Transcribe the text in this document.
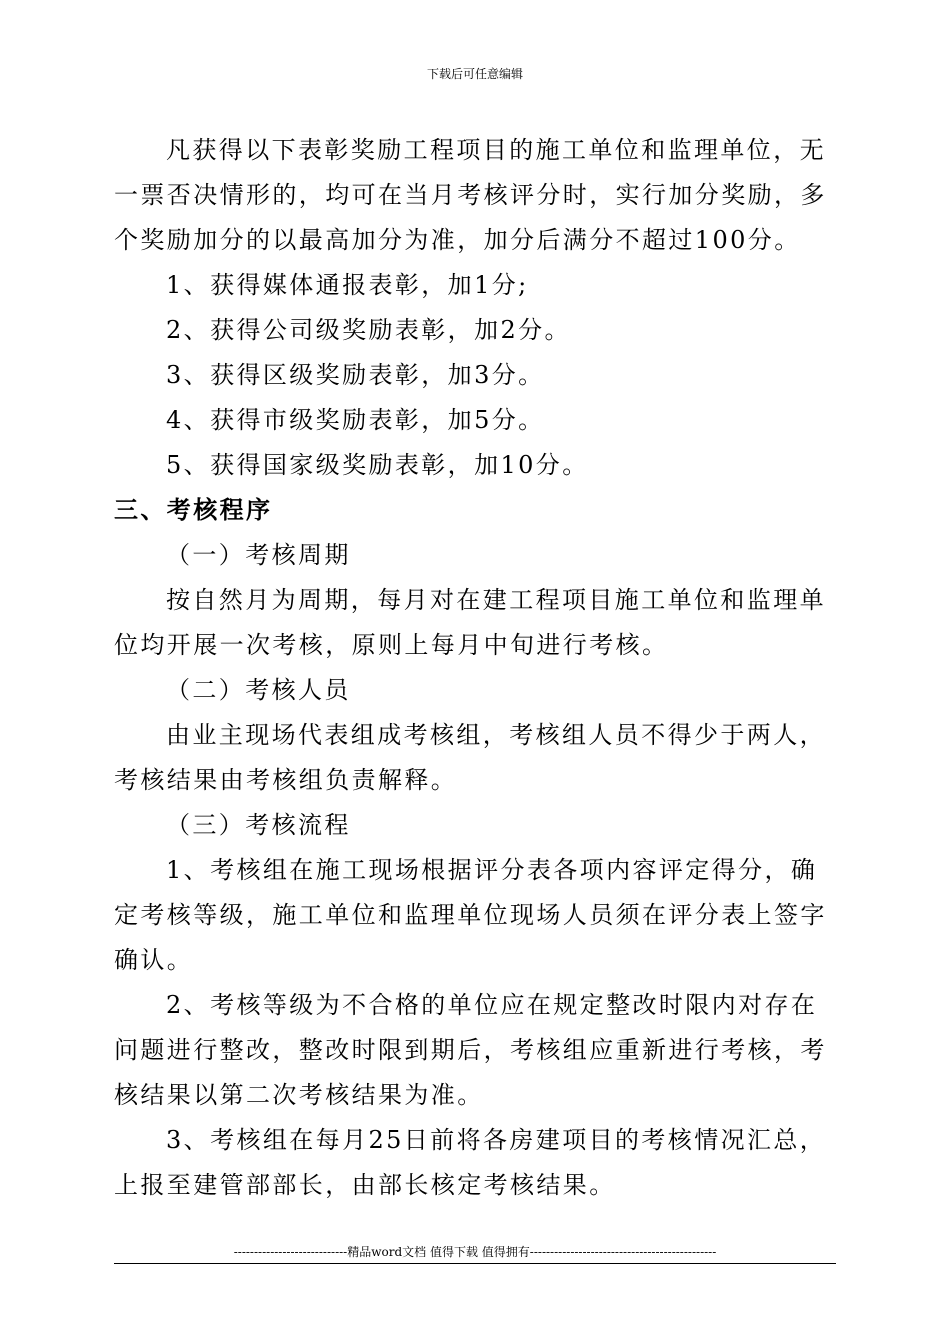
下载后可任意编辑

凡获得以下表彰奖励工程项目的施工单位和监理单位，无一票否决情形的，均可在当月考核评分时，实行加分奖励，多个奖励加分的以最高加分为准，加分后满分不超过100分。

1、获得媒体通报表彰，加1分;

2、获得公司级奖励表彰，加2分。

3、获得区级奖励表彰，加3分。

4、获得市级奖励表彰，加5分。

5、获得国家级奖励表彰，加10分。

三、考核程序

（一）考核周期

按自然月为周期，每月对在建工程项目施工单位和监理单位均开展一次考核，原则上每月中旬进行考核。

（二）考核人员

由业主现场代表组成考核组，考核组人员不得少于两人，考核结果由考核组负责解释。

（三）考核流程

1、考核组在施工现场根据评分表各项内容评定得分，确定考核等级，施工单位和监理单位现场人员须在评分表上签字确认。

2、考核等级为不合格的单位应在规定整改时限内对存在问题进行整改，整改时限到期后，考核组应重新进行考核，考核结果以第二次考核结果为准。

3、考核组在每月25日前将各房建项目的考核情况汇总，上报至建管部部长，由部长核定考核结果。

----------------------------精品word文档 值得下载 值得拥有----------------------------------------------
